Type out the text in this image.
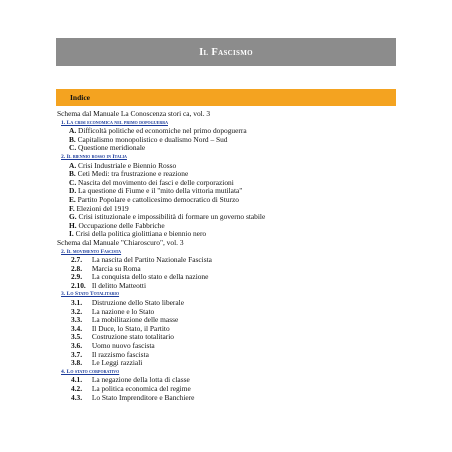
Il Fascismo
Indice
Schema dal Manuale La Conoscenza stori ca, vol. 3
1. La crisi economica nel primo dopoguerra
A. Difficoltà politiche ed economiche nel primo dopoguerra
B. Capitalismo monopolistico e dualismo Nord – Sud
C. Questione meridionale
2. Il biennio rosso in Italia
A. Crisi Industriale e Biennio Rosso
B. Ceti Medi: tra frustrazione e reazione
C. Nascita del movimento dei fasci e delle corporazioni
D. La questione di Fiume e il "mito della vittoria mutilata"
E. Partito Popolare e cattolicesimo democratico di Sturzo
F. Elezioni del 1919
G. Crisi istituzionale e impossibilità di formare un governo stabile
H. Occupazione delle Fabbriche
I. Crisi della politica giolittiana e biennio nero
Schema dal Manuale "Chiaroscuro", vol. 3
2. Il movimento Fascista
2.7. La nascita del Partito Nazionale Fascista
2.8. Marcia su Roma
2.9. La conquista dello stato e della nazione
2.10. Il delitto Matteotti
3. Lo Stato Totalitario
3.1. Distruzione dello Stato liberale
3.2. La nazione e lo Stato
3.3. La mobilitazione delle masse
3.4. Il Duce, lo Stato, il Partito
3.5. Costruzione stato totalitario
3.6. Uomo nuovo fascista
3.7. Il razzismo fascista
3.8. Le Leggi razziali
4. Lo stato corporativo
4.1. La negazione della lotta di classe
4.2. La politica economica del regime
4.3. Lo Stato Imprenditore e Banchiere
